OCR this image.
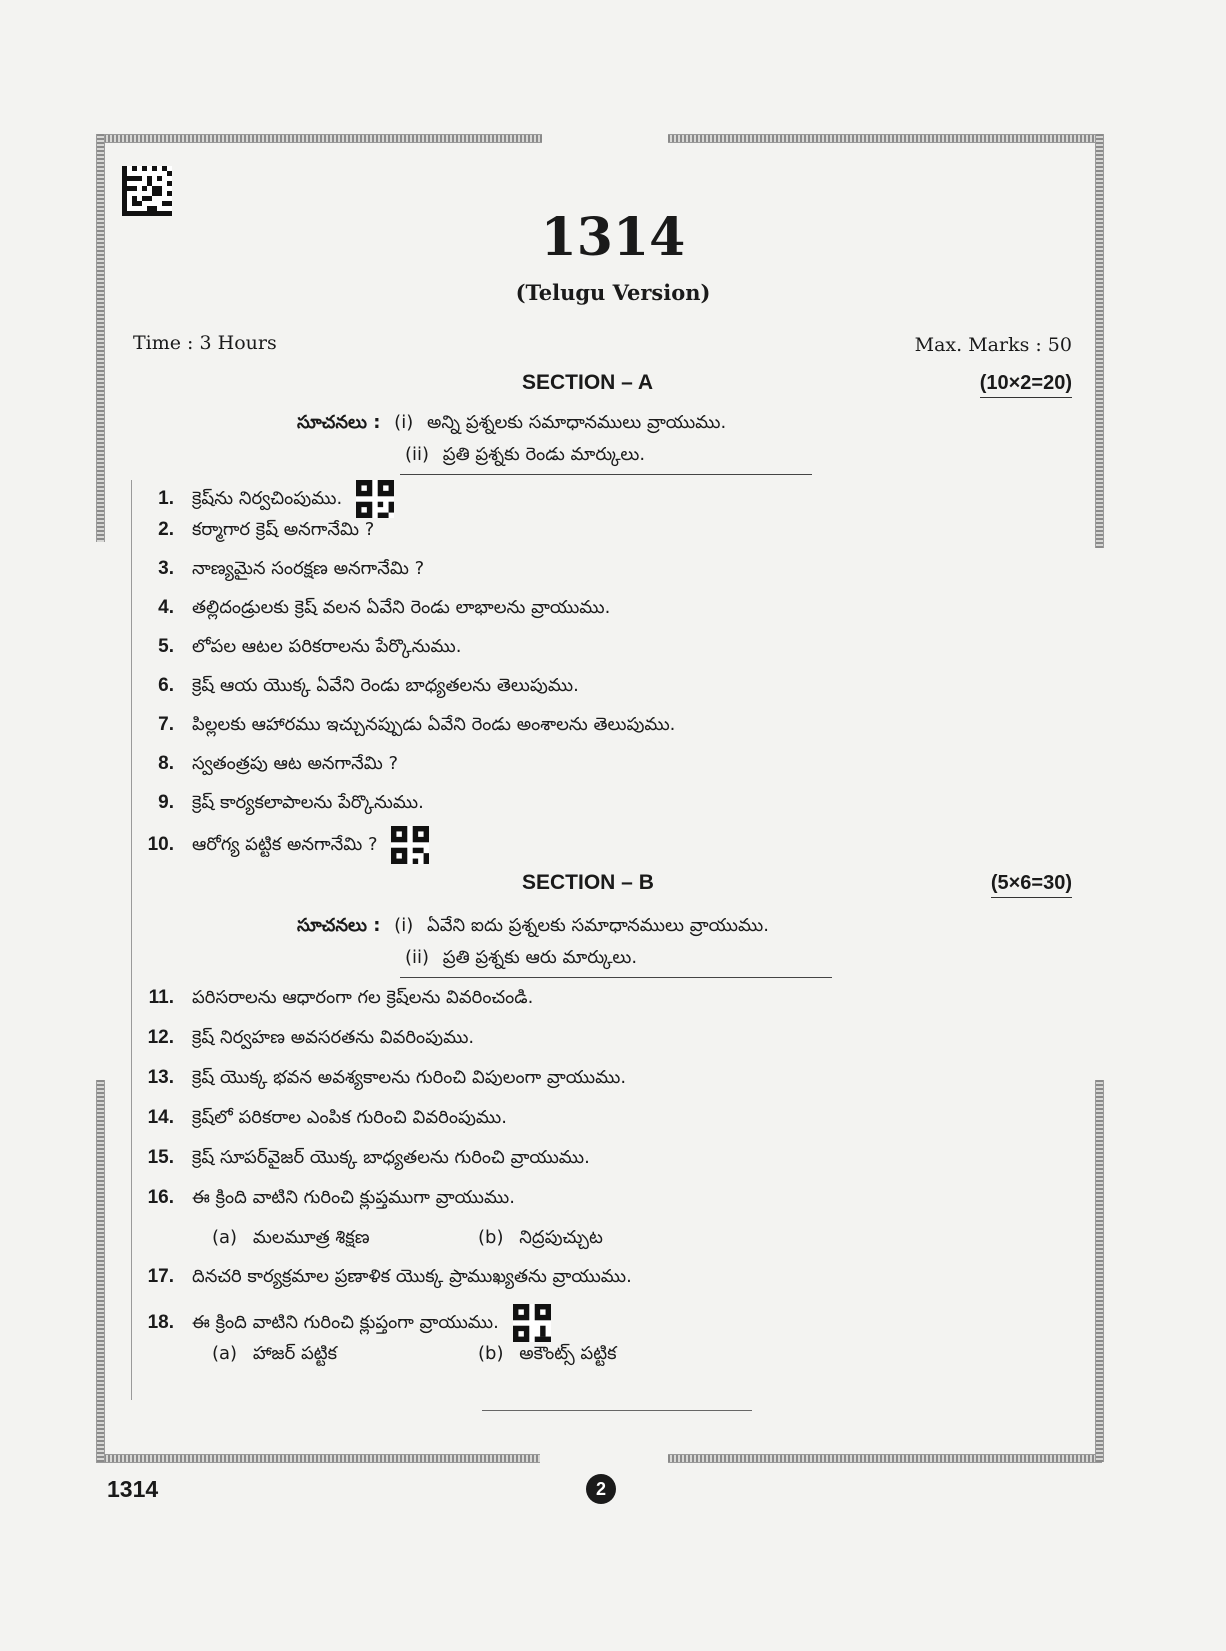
1314
(Telugu Version)
Time : 3 Hours	Max. Marks : 50
SECTION – A	(10×2=20)
సూచనలు : (i) అన్ని ప్రశ్నలకు సమాధానములు వ్రాయుము.
(ii) ప్రతి ప్రశ్నకు రెండు మార్కులు.
1. క్రెష్‌ను నిర్వచింపుము.
2. కర్మాగార క్రెష్ అనగానేమి ?
3. నాణ్యమైన సంరక్షణ అనగానేమి ?
4. తల్లిదండ్రులకు క్రెష్ వలన ఏవేని రెండు లాభాలను వ్రాయుము.
5. లోపల ఆటల పరికరాలను పేర్కొనుము.
6. క్రెష్ ఆయ యొక్క ఏవేని రెండు బాధ్యతలను తెలుపుము.
7. పిల్లలకు ఆహారము ఇచ్చునప్పుడు ఏవేని రెండు అంశాలను తెలుపుము.
8. స్వతంత్రపు ఆట అనగానేమి ?
9. క్రెష్ కార్యకలాపాలను పేర్కొనుము.
10. ఆరోగ్య పట్టిక అనగానేమి ?
SECTION – B	(5×6=30)
సూచనలు : (i) ఏవేని ఐదు ప్రశ్నలకు సమాధానములు వ్రాయుము.
(ii) ప్రతి ప్రశ్నకు ఆరు మార్కులు.
11. పరిసరాలను ఆధారంగా గల క్రెష్‌లను వివరించండి.
12. క్రెష్ నిర్వహణ అవసరతను వివరింపుము.
13. క్రెష్ యొక్క భవన అవశ్యకాలను గురించి విపులంగా వ్రాయుము.
14. క్రెష్‌లో పరికరాల ఎంపిక గురించి వివరింపుము.
15. క్రెష్ సూపర్‌వైజర్ యొక్క బాధ్యతలను గురించి వ్రాయుము.
16. ఈ క్రింది వాటిని గురించి క్లుప్తముగా వ్రాయుము.
(a) మలమూత్ర శిక్షణ	(b) నిద్రపుచ్చుట
17. దినచరి కార్యక్రమాల ప్రణాళిక యొక్క ప్రాముఖ్యతను వ్రాయుము.
18. ఈ క్రింది వాటిని గురించి క్లుప్తంగా వ్రాయుము.
(a) హాజర్ పట్టిక	(b) అకౌంట్స్ పట్టిక
1314	2
